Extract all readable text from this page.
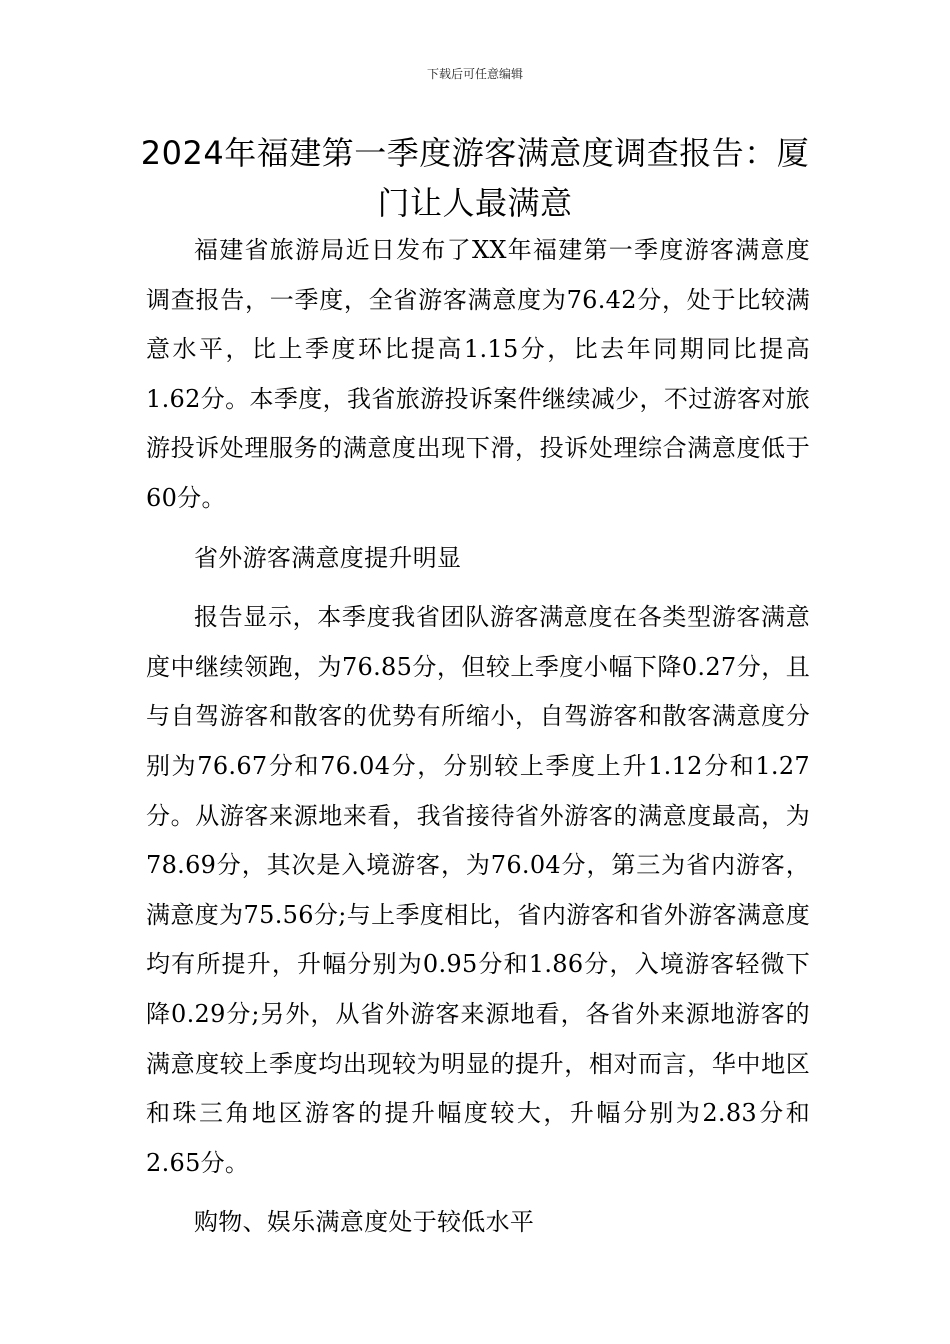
下载后可任意编辑
2024年福建第一季度游客满意度调查报告：厦门让人最满意

福建省旅游局近日发布了XX年福建第一季度游客满意度调查报告，一季度，全省游客满意度为76.42分，处于比较满意水平，比上季度环比提高1.15分，比去年同期同比提高1.62分。本季度，我省旅游投诉案件继续减少，不过游客对旅游投诉处理服务的满意度出现下滑，投诉处理综合满意度低于60分。

省外游客满意度提升明显

报告显示，本季度我省团队游客满意度在各类型游客满意度中继续领跑，为76.85分，但较上季度小幅下降0.27分，且与自驾游客和散客的优势有所缩小，自驾游客和散客满意度分别为76.67分和76.04分，分别较上季度上升1.12分和1.27分。从游客来源地来看，我省接待省外游客的满意度最高，为78.69分，其次是入境游客，为76.04分，第三为省内游客，满意度为75.56分;与上季度相比，省内游客和省外游客满意度均有所提升，升幅分别为0.95分和1.86分，入境游客轻微下降0.29分;另外，从省外游客来源地看，各省外来源地游客的满意度较上季度均出现较为明显的提升，相对而言，华中地区和珠三角地区游客的提升幅度较大，升幅分别为2.83分和2.65分。

购物、娱乐满意度处于较低水平
